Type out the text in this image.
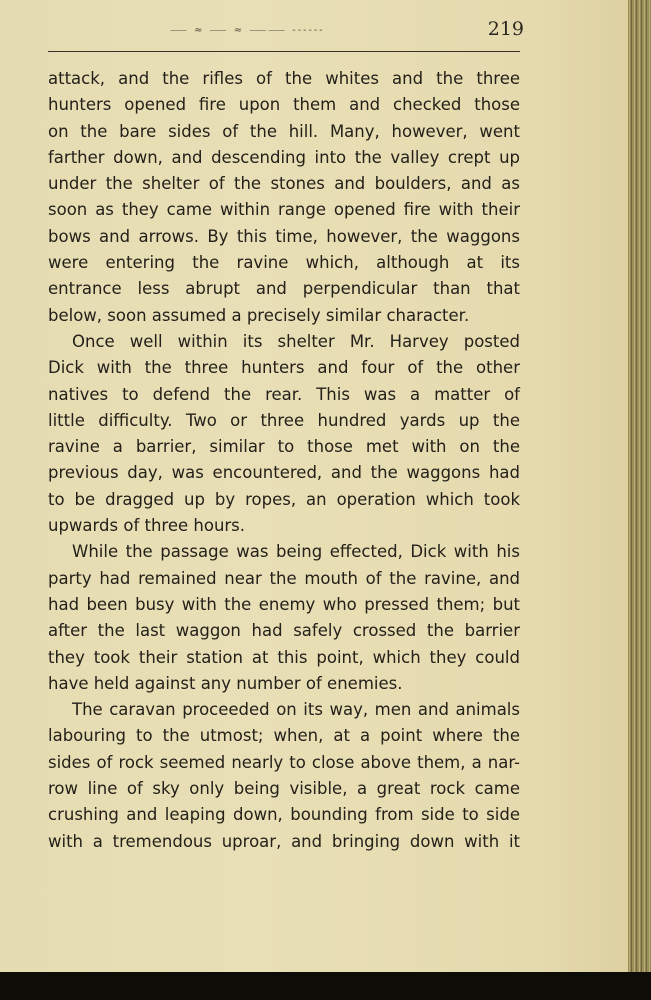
⸺ ≈ ⸺ ≈ ⸺⸺ ------	219
attack, and the rifles of the whites and the three
hunters opened fire upon them and checked those
on the bare sides of the hill. Many, however, went
farther down, and descending into the valley crept up
under the shelter of the stones and boulders, and as
soon as they came within range opened fire with their
bows and arrows. By this time, however, the waggons
were entering the ravine which, although at its
entrance less abrupt and perpendicular than that
below, soon assumed a precisely similar character.
Once well within its shelter Mr. Harvey posted
Dick with the three hunters and four of the other
natives to defend the rear. This was a matter of
little difficulty. Two or three hundred yards up the
ravine a barrier, similar to those met with on the
previous day, was encountered, and the waggons had
to be dragged up by ropes, an operation which took
upwards of three hours.
While the passage was being effected, Dick with his
party had remained near the mouth of the ravine, and
had been busy with the enemy who pressed them; but
after the last waggon had safely crossed the barrier
they took their station at this point, which they could
have held against any number of enemies.
The caravan proceeded on its way, men and animals
labouring to the utmost; when, at a point where the
sides of rock seemed nearly to close above them, a nar-
row line of sky only being visible, a great rock came
crushing and leaping down, bounding from side to side
with a tremendous uproar, and bringing down with it
